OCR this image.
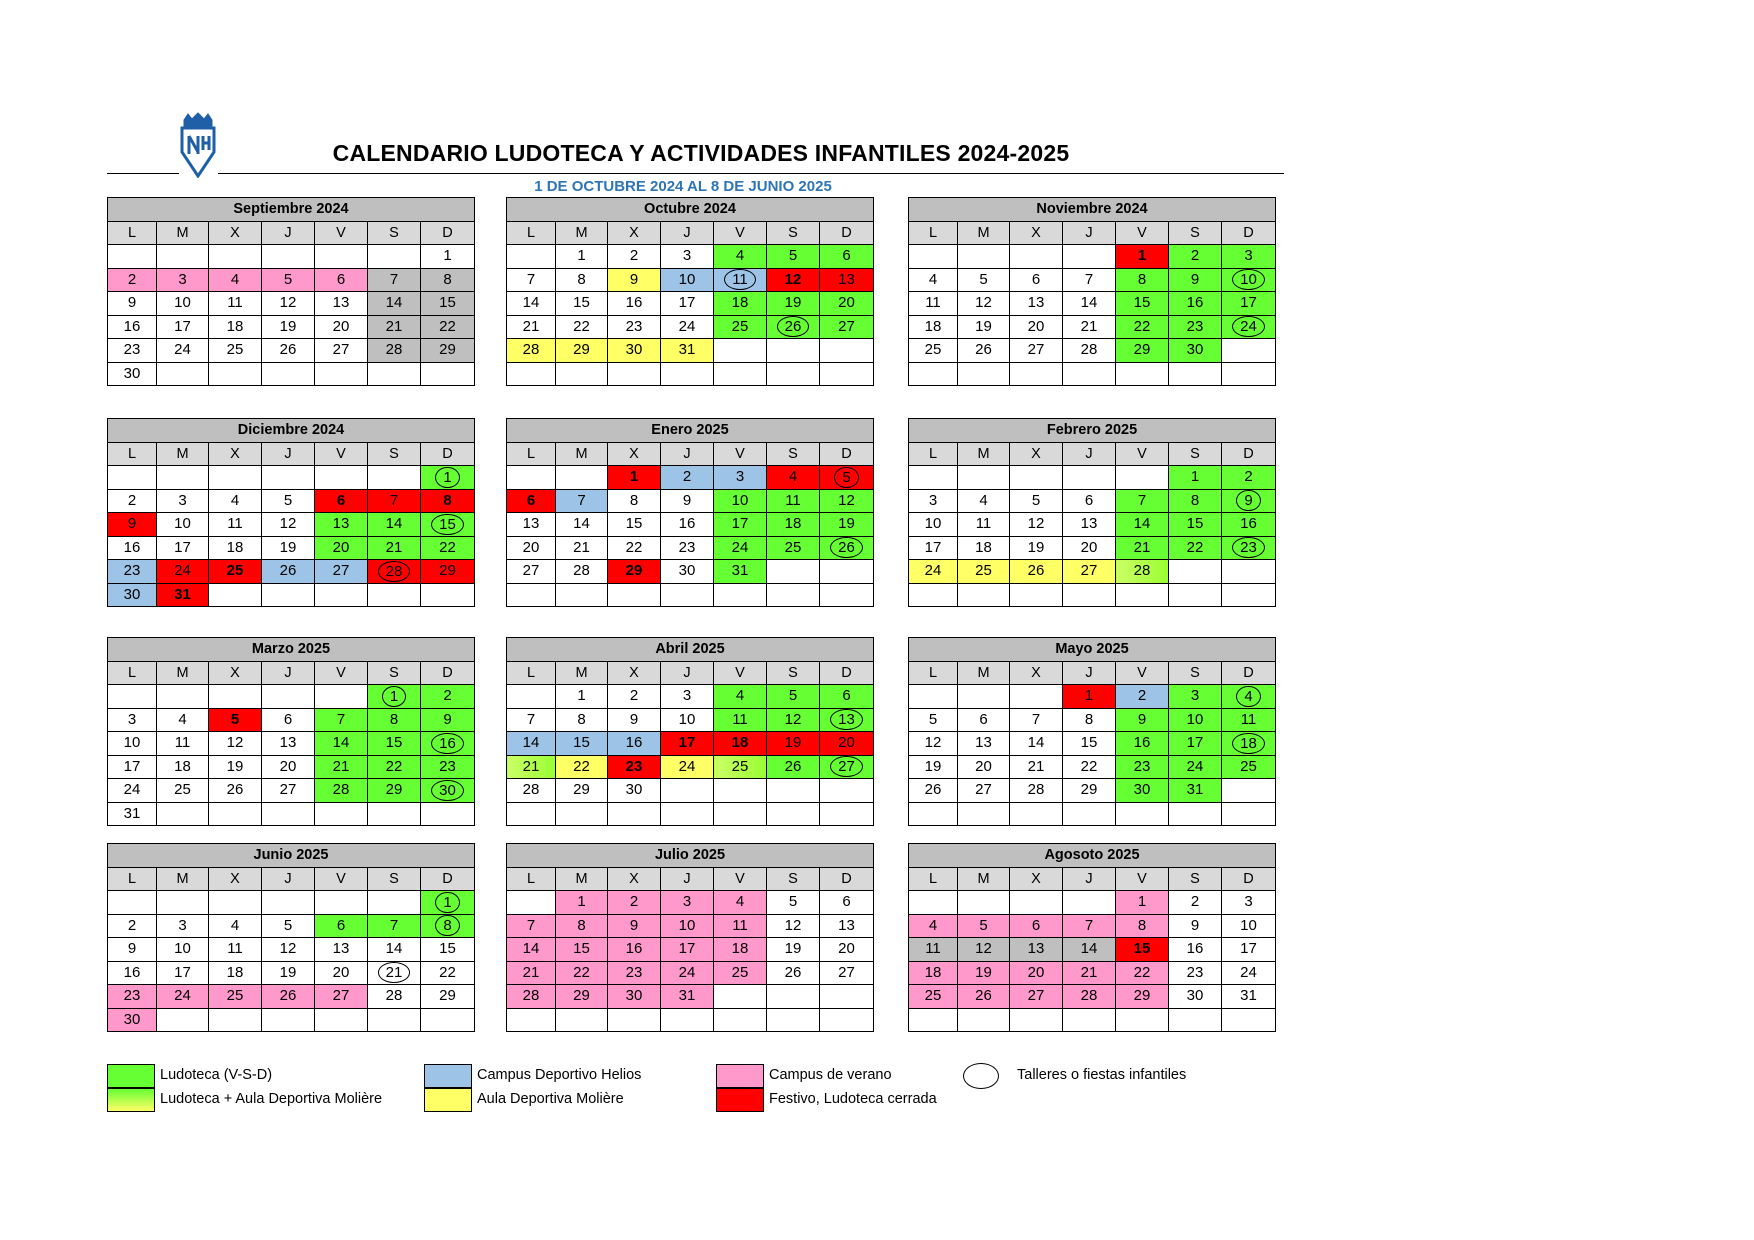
CALENDARIO LUDOTECA Y ACTIVIDADES INFANTILES 2024-2025
1 DE OCTUBRE 2024 AL 8 DE JUNIO 2025
Septiembre 2024						
L	M	X	J	V	S	D
						1
2	3	4	5	6	7	8
9	10	11	12	13	14	15
16	17	18	19	20	21	22
23	24	25	26	27	28	29
30						
Octubre 2024						
L	M	X	J	V	S	D
	1	2	3	4	5	6
7	8	9	10	11	12	13
14	15	16	17	18	19	20
21	22	23	24	25	26	27
28	29	30	31			

Noviembre 2024						
L	M	X	J	V	S	D
				1	2	3
4	5	6	7	8	9	10
11	12	13	14	15	16	17
18	19	20	21	22	23	24
25	26	27	28	29	30	

Diciembre 2024						
L	M	X	J	V	S	D
						1
2	3	4	5	6	7	8
9	10	11	12	13	14	15
16	17	18	19	20	21	22
23	24	25	26	27	28	29
30	31					
Enero 2025						
L	M	X	J	V	S	D
		1	2	3	4	5
6	7	8	9	10	11	12
13	14	15	16	17	18	19
20	21	22	23	24	25	26
27	28	29	30	31		

Febrero 2025						
L	M	X	J	V	S	D
					1	2
3	4	5	6	7	8	9
10	11	12	13	14	15	16
17	18	19	20	21	22	23
24	25	26	27	28		

Marzo 2025						
L	M	X	J	V	S	D
					1	2
3	4	5	6	7	8	9
10	11	12	13	14	15	16
17	18	19	20	21	22	23
24	25	26	27	28	29	30
31						
Abril 2025						
L	M	X	J	V	S	D
	1	2	3	4	5	6
7	8	9	10	11	12	13
14	15	16	17	18	19	20
21	22	23	24	25	26	27
28	29	30				

Mayo 2025						
L	M	X	J	V	S	D
			1	2	3	4
5	6	7	8	9	10	11
12	13	14	15	16	17	18
19	20	21	22	23	24	25
26	27	28	29	30	31	

Junio 2025						
L	M	X	J	V	S	D
						1
2	3	4	5	6	7	8
9	10	11	12	13	14	15
16	17	18	19	20	21	22
23	24	25	26	27	28	29
30						
Julio 2025						
L	M	X	J	V	S	D
	1	2	3	4	5	6
7	8	9	10	11	12	13
14	15	16	17	18	19	20
21	22	23	24	25	26	27
28	29	30	31			

Agosoto 2025						
L	M	X	J	V	S	D
				1	2	3
4	5	6	7	8	9	10
11	12	13	14	15	16	17
18	19	20	21	22	23	24
25	26	27	28	29	30	31

Ludoteca (V-S-D)
Ludoteca + Aula Deportiva Molière
Campus Deportivo Helios
Aula Deportiva Molière
Campus de verano
Festivo, Ludoteca cerrada
Talleres o fiestas infantiles
